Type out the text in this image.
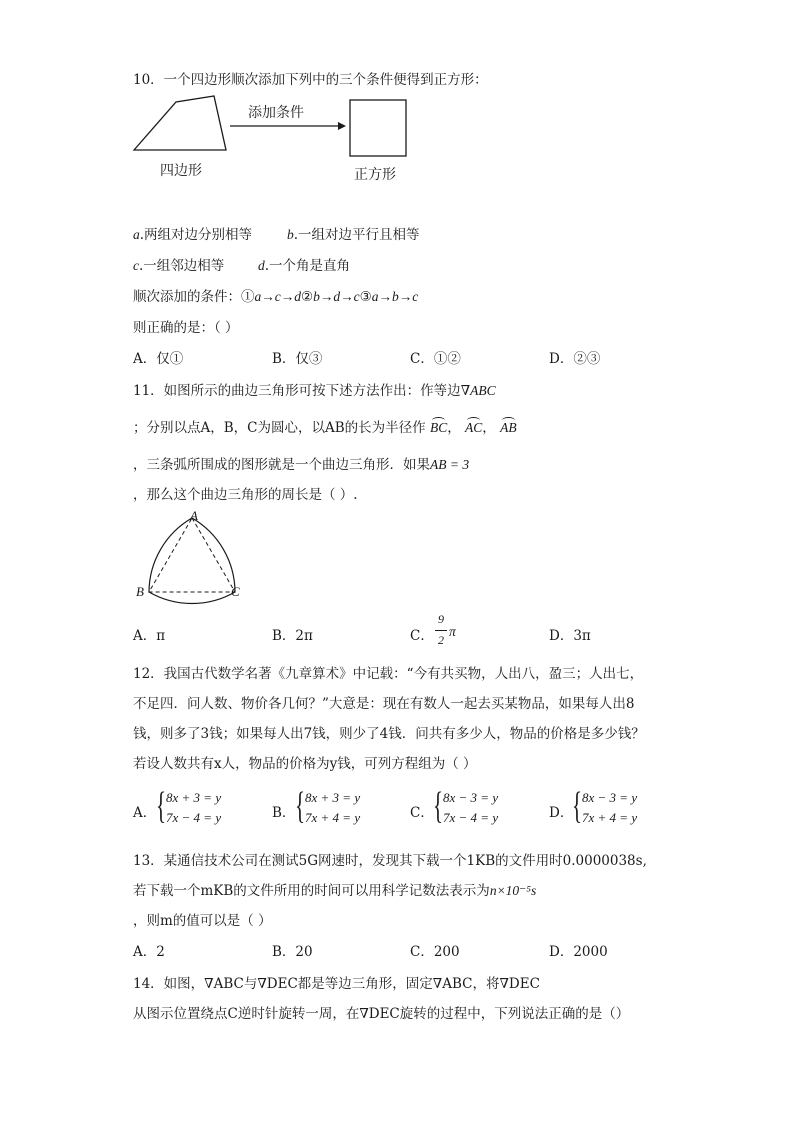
10．一个四边形顺次添加下列中的三个条件便得到正方形：
添加条件
四边形	正方形
a.两组对边分别相等	b.一组对边平行且相等
c.一组邻边相等 d.一个角是直角
顺次添加的条件：①a→c→d②b→d→c③a→b→c
则正确的是：（ ）
A．仅①	B．仅③	C．①②	D．②③
11．如图所示的曲边三角形可按下述方法作出：作等边∇ABC
；分别以点A，B，C为圆心，以AB的长为半径作 BC， AC， AB
，三条弧所围成的图形就是一个曲边三角形．如果AB = 3
，那么这个曲边三角形的周长是（ ）.
A
B	C
A．π	B．2π	C．
9
2
π	D．3π
12．我国古代数学名著《九章算术》中记载：“今有共买物，人出八，盈三；人出七，
不足四．问人数、物价各几何？”大意是：现在有数人一起去买某物品，如果每人出8
钱，则多了3钱；如果每人出7钱，则少了4钱．问共有多少人，物品的价格是多少钱？
若设人数共有x人，物品的价格为y钱，可列方程组为（ ）
A． { 8x + 3 = y
7x − 4 = y	B． { 8x + 3 = y
7x + 4 = y	C． { 8x − 3 = y
7x − 4 = y	D．
{ 8x − 3 = y
7x + 4 = y
13．某通信技术公司在测试5G网速时，发现其下载一个1KB的文件用时0.0000038s,
若下载一个mKB的文件所用的时间可以用科学记数法表示为n×10⁻⁵s
，则m的值可以是（ ）
A．2	B．20	C．200	D．2000
14．如图，∇ABC与∇DEC都是等边三角形，固定∇ABC，将∇DEC
从图示位置绕点C逆时针旋转一周，在∇DEC旋转的过程中，下列说法正确的是（）
